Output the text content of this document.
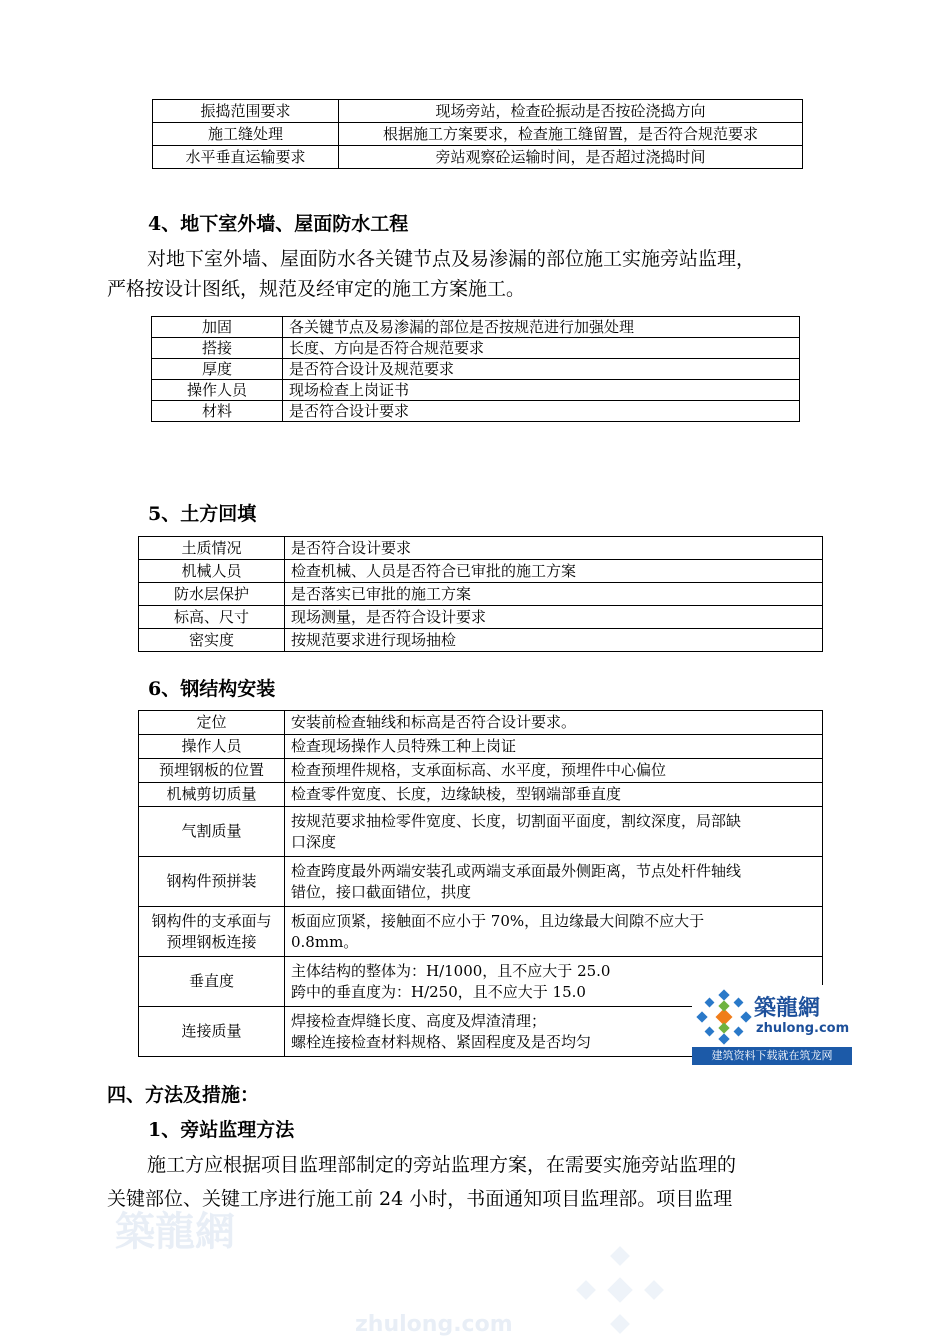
振捣范围要求	现场旁站，检查砼振动是否按砼浇捣方向
施工缝处理	根据施工方案要求，检查施工缝留置，是否符合规范要求
水平垂直运输要求	旁站观察砼运输时间，是否超过浇捣时间
4、地下室外墙、屋面防水工程
对地下室外墙、屋面防水各关键节点及易渗漏的部位施工实施旁站监理，
严格按设计图纸，规范及经审定的施工方案施工。
加固	各关键节点及易渗漏的部位是否按规范进行加强处理
搭接	长度、方向是否符合规范要求
厚度	是否符合设计及规范要求
操作人员	现场检查上岗证书
材料	是否符合设计要求
5、土方回填
土质情况	是否符合设计要求
机械人员	检查机械、人员是否符合已审批的施工方案
防水层保护	是否落实已审批的施工方案
标高、尺寸	现场测量，是否符合设计要求
密实度	按规范要求进行现场抽检
6、钢结构安装
定位	安装前检查轴线和标高是否符合设计要求。

操作人员	检查现场操作人员特殊工种上岗证

预埋钢板的位置	检查预埋件规格，支承面标高、水平度，预埋件中心偏位

机械剪切质量	检查零件宽度、长度，边缘缺棱，型钢端部垂直度

气割质量	按规范要求抽检零件宽度、长度，切割面平面度，割纹深度，局部缺
口深度

钢构件预拼装	检查跨度最外两端安装孔或两端支承面最外侧距离，节点处杆件轴线
错位，接口截面错位，拱度

钢构件的支承面与预埋钢板连接	板面应顶紧，接触面不应小于 70%，且边缘最大间隙不应大于
0.8mm。

垂直度	主体结构的整体为：H/1000，且不应大于 25.0
跨中的垂直度为：H/250，且不应大于 15.0

连接质量	焊接检查焊缝长度、高度及焊渣清理；
螺栓连接检查材料规格、紧固程度及是否均匀
築龍網
zhulong.com
建筑资料下载就在筑龙网
四、方法及措施：
1、旁站监理方法
施工方应根据项目监理部制定的旁站监理方案，在需要实施旁站监理的
关键部位、关键工序进行施工前 24 小时，书面通知项目监理部。项目监理
築龍網
zhulong.com
